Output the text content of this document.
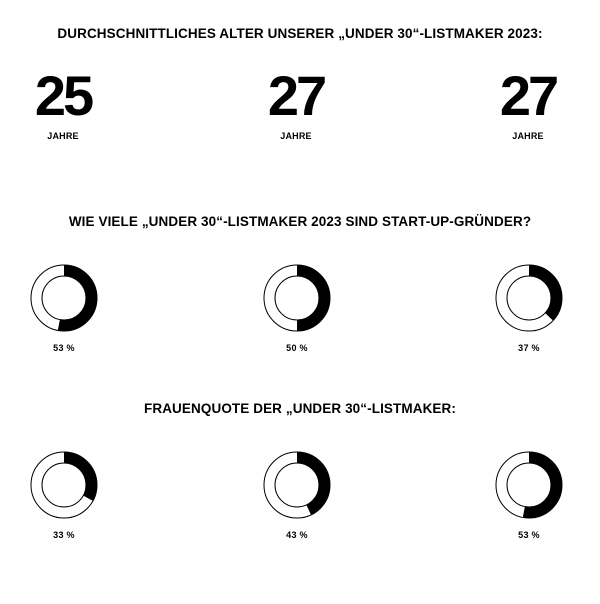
DURCHSCHNITTLICHES ALTER UNSERER „UNDER 30“-LISTMAKER 2023:
25
JAHRE
27
JAHRE
27
JAHRE
WIE VIELE „UNDER 30“-LISTMAKER 2023 SIND START-UP-GRÜNDER?
FRAUENQUOTE DER „UNDER 30“-LISTMAKER:
53 %	50 %	37 %
33 %	43 %	53 %
